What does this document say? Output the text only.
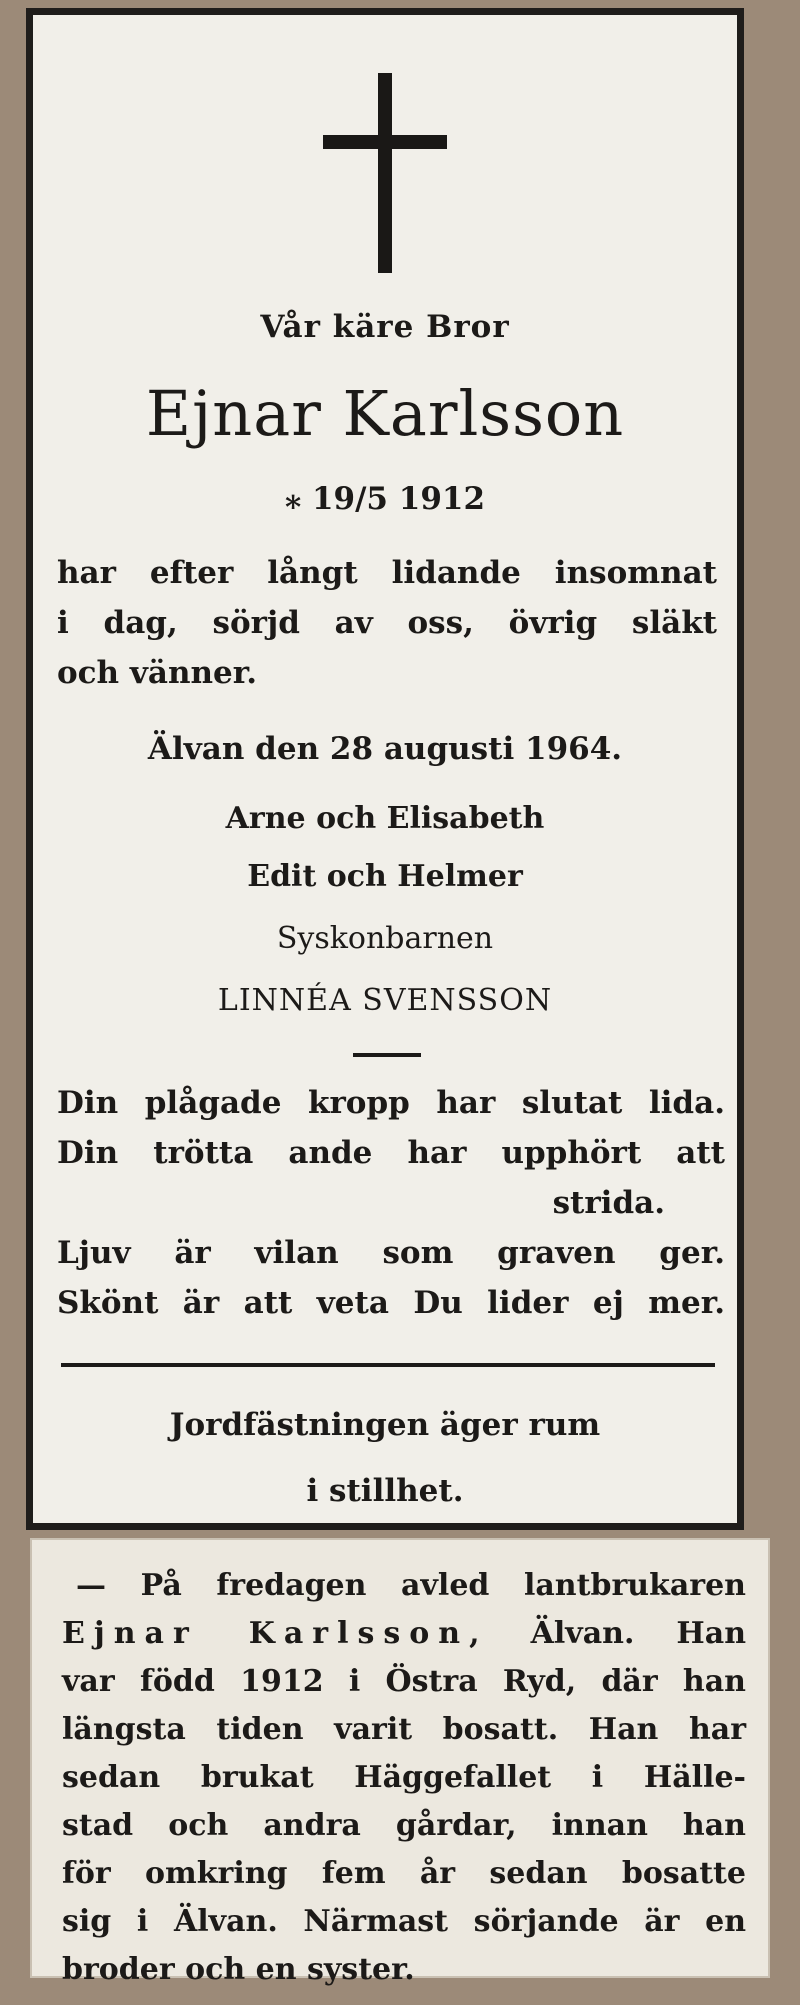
Vår käre Bror
Ejnar Karlsson
⁎ 19/5 1912
har efter långt lidande insomnat
i dag, sörjd av oss, övrig släkt
och vänner.
Älvan den 28 augusti 1964.
Arne och Elisabeth
Edit och Helmer
Syskonbarnen
LINNÉA SVENSSON
Din plågade kropp har slutat lida.
Din trötta ande har upphört att
strida.
Ljuv är vilan som graven ger.
Skönt är att veta Du lider ej mer.
Jordfästningen äger rum
i stillhet.
— På fredagen avled lantbrukaren
Ejnar Karlsson, Älvan. Han
var född 1912 i Östra Ryd, där han
längsta tiden varit bosatt. Han har
sedan brukat Häggefallet i Hälle-
stad och andra gårdar, innan han
för omkring fem år sedan bosatte
sig i Älvan. Närmast sörjande är en
broder och en syster.
